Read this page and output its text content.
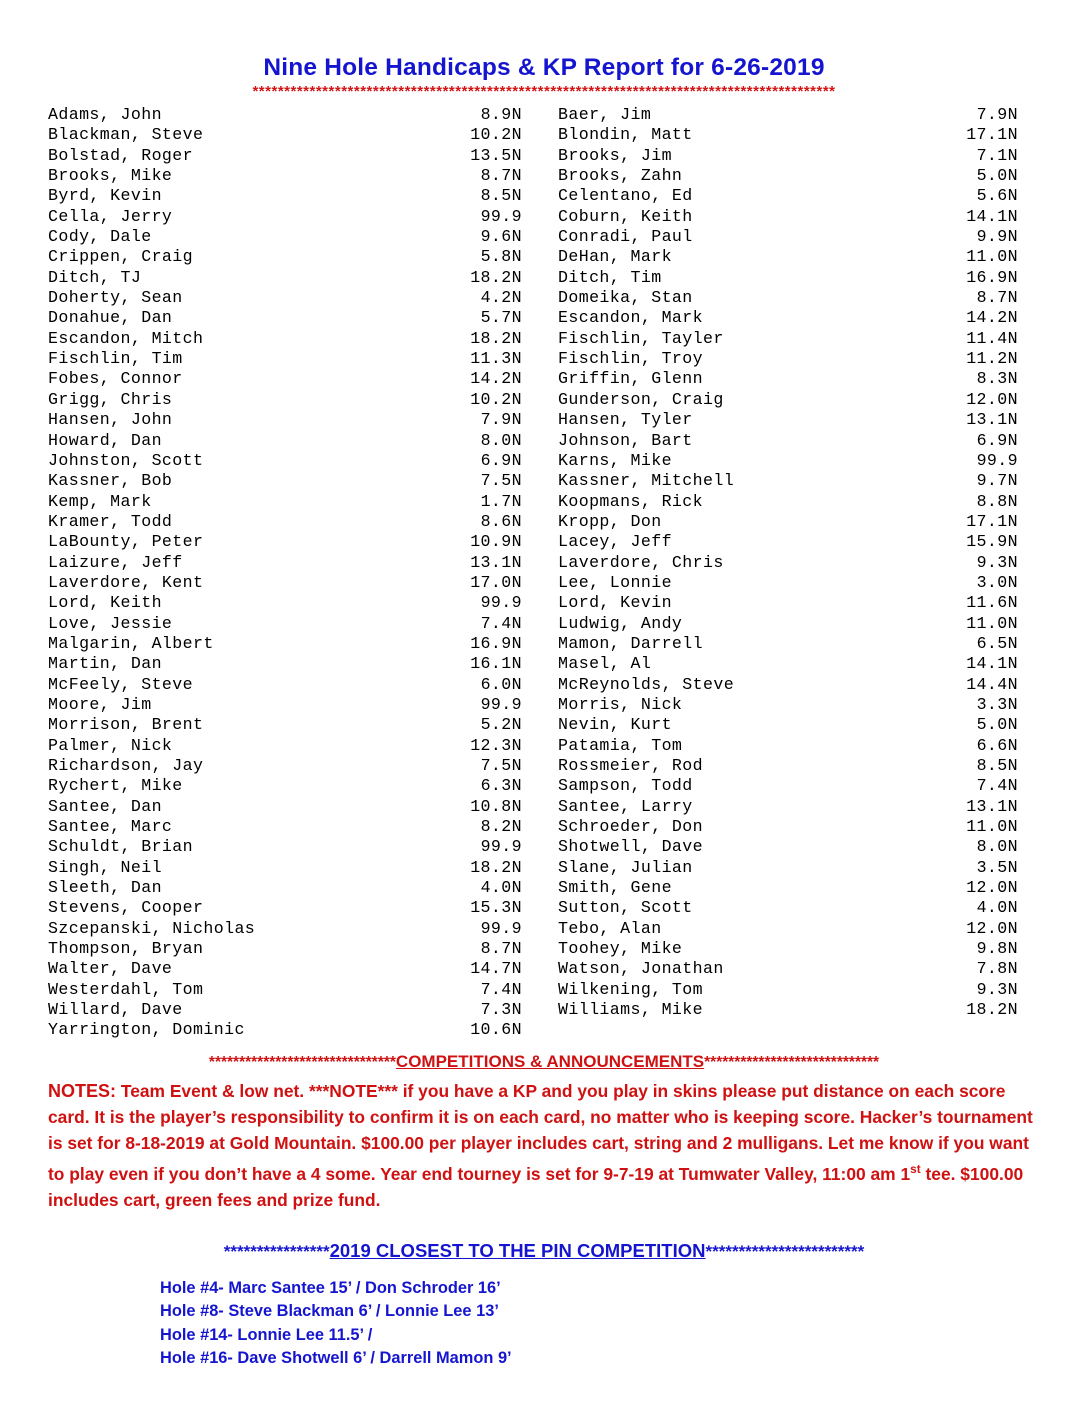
Nine Hole Handicaps & KP Report for 6-26-2019
********************************************************************************************
Adams, John	8.9N	Baer, Jim	7.9N
Blackman, Steve	10.2N	Blondin, Matt	17.1N
Bolstad, Roger	13.5N	Brooks, Jim	7.1N
Brooks, Mike	8.7N	Brooks, Zahn	5.0N
Byrd, Kevin	8.5N	Celentano, Ed	5.6N
Cella, Jerry	99.9	Coburn, Keith	14.1N
Cody, Dale	9.6N	Conradi, Paul	9.9N
Crippen, Craig	5.8N	DeHan, Mark	11.0N
Ditch, TJ	18.2N	Ditch, Tim	16.9N
Doherty, Sean	4.2N	Domeika, Stan	8.7N
Donahue, Dan	5.7N	Escandon, Mark	14.2N
Escandon, Mitch	18.2N	Fischlin, Tayler	11.4N
Fischlin, Tim	11.3N	Fischlin, Troy	11.2N
Fobes, Connor	14.2N	Griffin, Glenn	8.3N
Grigg, Chris	10.2N	Gunderson, Craig	12.0N
Hansen, John	7.9N	Hansen, Tyler	13.1N
Howard, Dan	8.0N	Johnson, Bart	6.9N
Johnston, Scott	6.9N	Karns, Mike	99.9
Kassner, Bob	7.5N	Kassner, Mitchell	9.7N
Kemp, Mark	1.7N	Koopmans, Rick	8.8N
Kramer, Todd	8.6N	Kropp, Don	17.1N
LaBounty, Peter	10.9N	Lacey, Jeff	15.9N
Laizure, Jeff	13.1N	Laverdore, Chris	9.3N
Laverdore, Kent	17.0N	Lee, Lonnie	3.0N
Lord, Keith	99.9	Lord, Kevin	11.6N
Love, Jessie	7.4N	Ludwig, Andy	11.0N
Malgarin, Albert	16.9N	Mamon, Darrell	6.5N
Martin, Dan	16.1N	Masel, Al	14.1N
McFeely, Steve	6.0N	McReynolds, Steve	14.4N
Moore, Jim	99.9	Morris, Nick	3.3N
Morrison, Brent	5.2N	Nevin, Kurt	5.0N
Palmer, Nick	12.3N	Patamia, Tom	6.6N
Richardson, Jay	7.5N	Rossmeier, Rod	8.5N
Rychert, Mike	6.3N	Sampson, Todd	7.4N
Santee, Dan	10.8N	Santee, Larry	13.1N
Santee, Marc	8.2N	Schroeder, Don	11.0N
Schuldt, Brian	99.9	Shotwell, Dave	8.0N
Singh, Neil	18.2N	Slane, Julian	3.5N
Sleeth, Dan	4.0N	Smith, Gene	12.0N
Stevens, Cooper	15.3N	Sutton, Scott	4.0N
Szcepanski, Nicholas	99.9	Tebo, Alan	12.0N
Thompson, Bryan	8.7N	Toohey, Mike	9.8N
Walter, Dave	14.7N	Watson, Jonathan	7.8N
Westerdahl, Tom	7.4N	Wilkening, Tom	9.3N
Willard, Dave	7.3N	Williams, Mike	18.2N
Yarrington, Dominic	10.6N
*******************************COMPETITIONS & ANNOUNCEMENTS*****************************
NOTES: Team Event & low net. ***NOTE*** if you have a KP and you play in skins please put distance on each score card. It is the player’s responsibility to confirm it is on each card, no matter who is keeping score. Hacker’s tournament is set for 8-18-2019 at Gold Mountain. $100.00 per player includes cart, string and 2 mulligans. Let me know if you want to play even if you don’t have a 4 some. Year end tourney is set for 9-7-19 at Tumwater Valley, 11:00 am 1st tee. $100.00 includes cart, green fees and prize fund.
****************2019 CLOSEST TO THE PIN COMPETITION************************
Hole #4- Marc Santee 15’ / Don Schroder 16’
Hole #8- Steve Blackman 6’ / Lonnie Lee 13’
Hole #14- Lonnie Lee 11.5’ /
Hole #16- Dave Shotwell 6’ / Darrell Mamon 9’
